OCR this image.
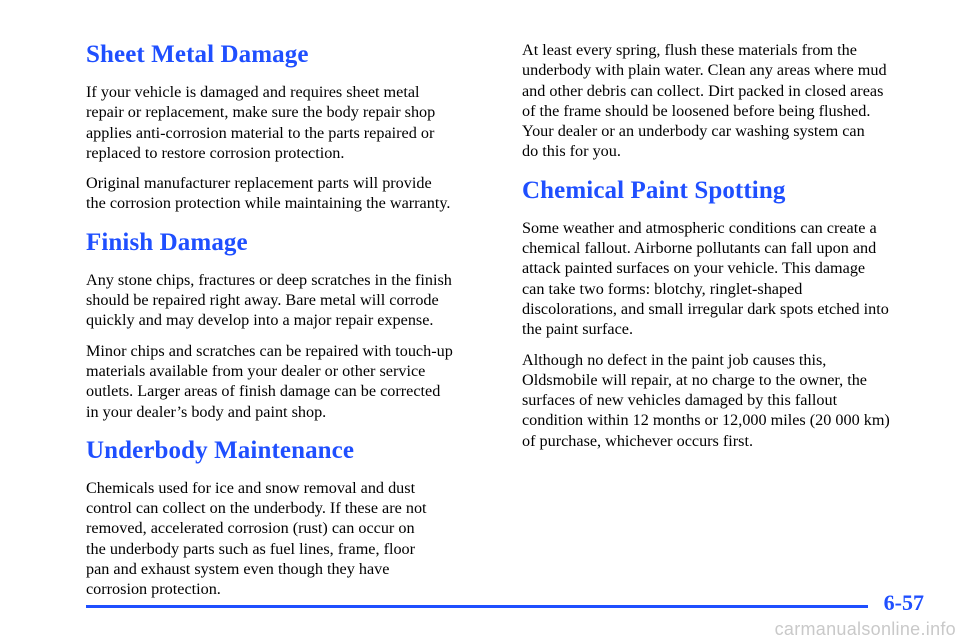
Sheet Metal Damage

If your vehicle is damaged and requires sheet metal
repair or replacement, make sure the body repair shop
applies anti-corrosion material to the parts repaired or
replaced to restore corrosion protection.

Original manufacturer replacement parts will provide
the corrosion protection while maintaining the warranty.

Finish Damage

Any stone chips, fractures or deep scratches in the finish
should be repaired right away. Bare metal will corrode
quickly and may develop into a major repair expense.

Minor chips and scratches can be repaired with touch-up
materials available from your dealer or other service
outlets. Larger areas of finish damage can be corrected
in your dealer’s body and paint shop.

Underbody Maintenance

Chemicals used for ice and snow removal and dust
control can collect on the underbody. If these are not
removed, accelerated corrosion (rust) can occur on
the underbody parts such as fuel lines, frame, floor
pan and exhaust system even though they have
corrosion protection.

At least every spring, flush these materials from the
underbody with plain water. Clean any areas where mud
and other debris can collect. Dirt packed in closed areas
of the frame should be loosened before being flushed.
Your dealer or an underbody car washing system can
do this for you.

Chemical Paint Spotting

Some weather and atmospheric conditions can create a
chemical fallout. Airborne pollutants can fall upon and
attack painted surfaces on your vehicle. This damage
can take two forms: blotchy, ringlet-shaped
discolorations, and small irregular dark spots etched into
the paint surface.

Although no defect in the paint job causes this,
Oldsmobile will repair, at no charge to the owner, the
surfaces of new vehicles damaged by this fallout
condition within 12 months or 12,000 miles (20 000 km)
of purchase, whichever occurs first.

6-57
carmanualsonline.info
